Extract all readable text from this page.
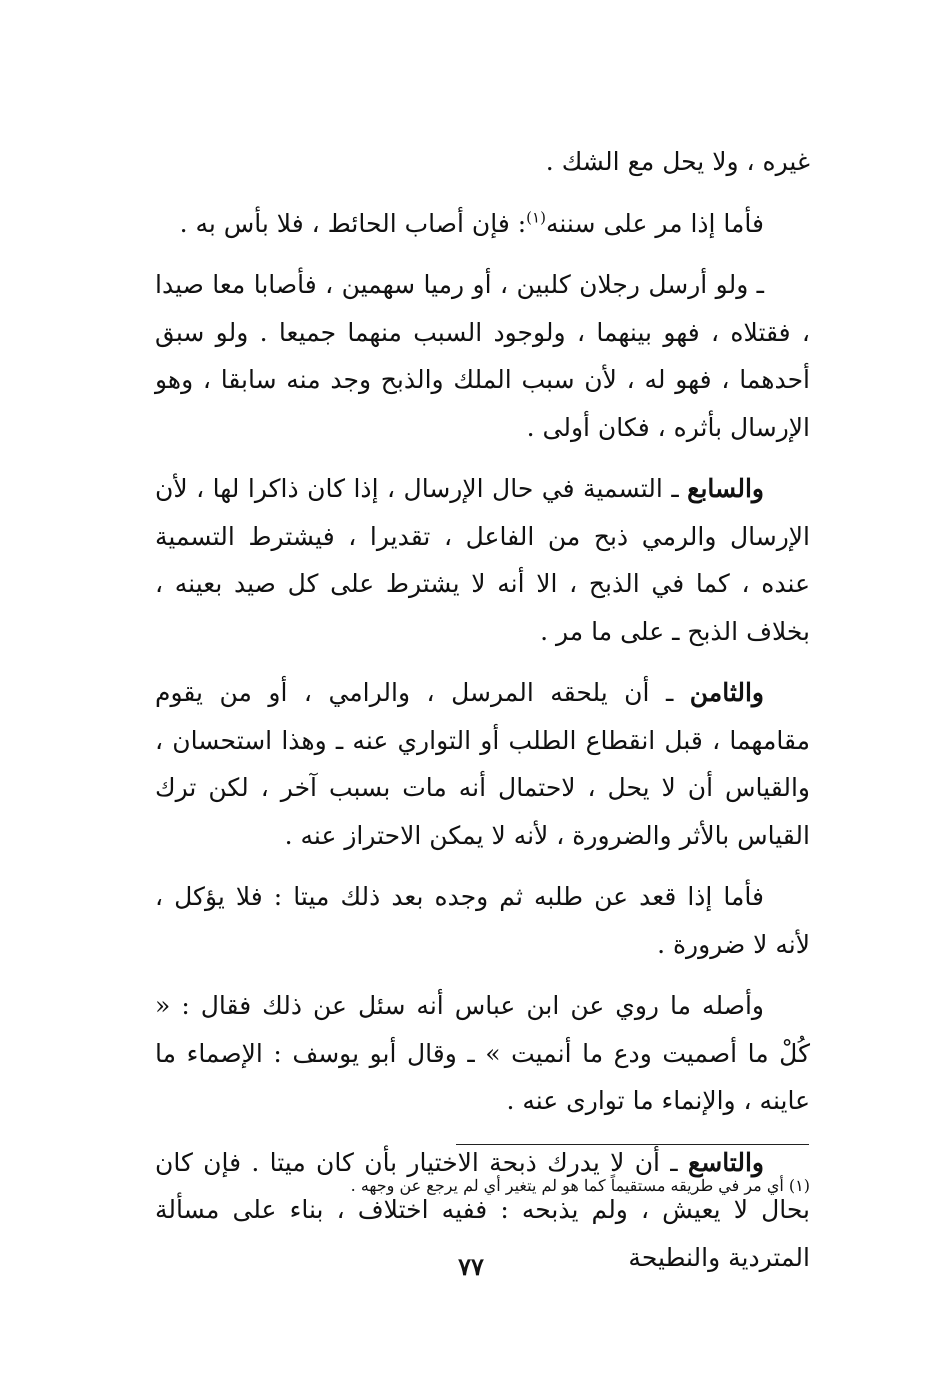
غيره ، ولا يحل مع الشك .

فأما إذا مر على سننه$^{(١)}$: فإن أصاب الحائط ، فلا بأس به .

ـ ولو أرسل رجلان كلبين ، أو رميا سهمين ، فأصابا معا صيدا ، فقتلاه ، فهو بينهما ، ولوجود السبب منهما جميعا . ولو سبق أحدهما ، فهو له ، لأن سبب الملك والذبح وجد منه سابقا ، وهو الإرسال بأثره ، فكان أولى .

والسابع ـ التسمية في حال الإرسال ، إذا كان ذاكرا لها ، لأن الإرسال والرمي ذبح من الفاعل ، تقديرا ، فيشترط التسمية عنده ، كما في الذبح ، الا أنه لا يشترط على كل صيد بعينه ، بخلاف الذبح ـ على ما مر .

والثامن ـ أن يلحقه المرسل ، والرامي ، أو من يقوم مقامهما ، قبل انقطاع الطلب أو التواري عنه ـ وهذا استحسان ، والقياس أن لا يحل ، لاحتمال أنه مات بسبب آخر ، لكن ترك القياس بالأثر والضرورة ، لأنه لا يمكن الاحتراز عنه .

فأما إذا قعد عن طلبه ثم وجده بعد ذلك ميتا : فلا يؤكل ، لأنه لا ضرورة .

وأصله ما روي عن ابن عباس أنه سئل عن ذلك فقال : « كُلْ ما أصميت ودع ما أنميت » ـ وقال أبو يوسف : الإصماء ما عاينه ، والإنماء ما توارى عنه .

والتاسع ـ أن لا يدرك ذبحة الاختيار بأن كان ميتا . فإن كان بحال لا يعيش ، ولم يذبحه : ففيه اختلاف ، بناء على مسألة المتردية والنطيحة

(١) أي مر في طريقه مستقيماً كما هو لم يتغير أي لم يرجع عن وجهه .
٧٧
